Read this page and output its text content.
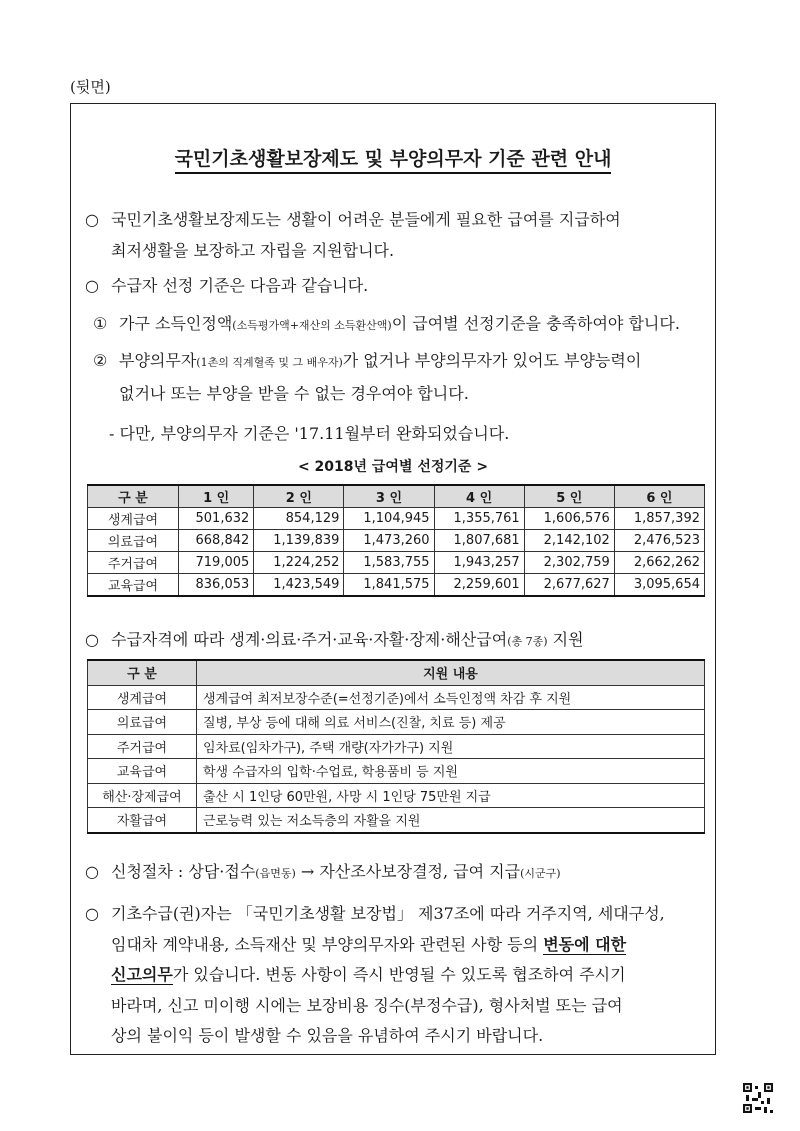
(뒷면)
국민기초생활보장제도 및 부양의무자 기준 관련 안내
○ 국민기초생활보장제도는 생활이 어려운 분들에게 필요한 급여를 지급하여
최저생활을 보장하고 자립을 지원합니다.
○ 수급자 선정 기준은 다음과 같습니다.
① 가구 소득인정액(소득평가액+재산의 소득환산액)이 급여별 선정기준을 충족하여야 합니다.
② 부양의무자(1촌의 직계혈족 및 그 배우자)가 없거나 부양의무자가 있어도 부양능력이
없거나 또는 부양을 받을 수 없는 경우여야 합니다.
- 다만, 부양의무자 기준은 '17.11월부터 완화되었습니다.
< 2018년 급여별 선정기준 >
구 분	1 인	2 인	3 인	4 인	5 인	6 인
생계급여	501,632	854,129	1,104,945	1,355,761	1,606,576	1,857,392
의료급여	668,842	1,139,839	1,473,260	1,807,681	2,142,102	2,476,523
주거급여	719,005	1,224,252	1,583,755	1,943,257	2,302,759	2,662,262
교육급여	836,053	1,423,549	1,841,575	2,259,601	2,677,627	3,095,654
○ 수급자격에 따라 생계·의료·주거·교육·자활·장제·해산급여(총 7종) 지원
구 분	지원 내용
생계급여	생계급여 최저보장수준(=선정기준)에서 소득인정액 차감 후 지원
의료급여	질병, 부상 등에 대해 의료 서비스(진찰, 치료 등) 제공
주거급여	임차료(임차가구), 주택 개량(자가가구) 지원
교육급여	학생 수급자의 입학·수업료, 학용품비 등 지원
해산·장제급여	출산 시 1인당 60만원, 사망 시 1인당 75만원 지급
자활급여	근로능력 있는 저소득층의 자활을 지원
○ 신청절차 : 상담·접수(읍면동) → 자산조사보장결정, 급여 지급(시군구)
○ 기초수급(권)자는 「국민기초생활 보장법」 제37조에 따라 거주지역, 세대구성,
임대차 계약내용, 소득재산 및 부양의무자와 관련된 사항 등의 변동에 대한
신고의무가 있습니다. 변동 사항이 즉시 반영될 수 있도록 협조하여 주시기
바라며, 신고 미이행 시에는 보장비용 징수(부정수급), 형사처벌 또는 급여
상의 불이익 등이 발생할 수 있음을 유념하여 주시기 바랍니다.
